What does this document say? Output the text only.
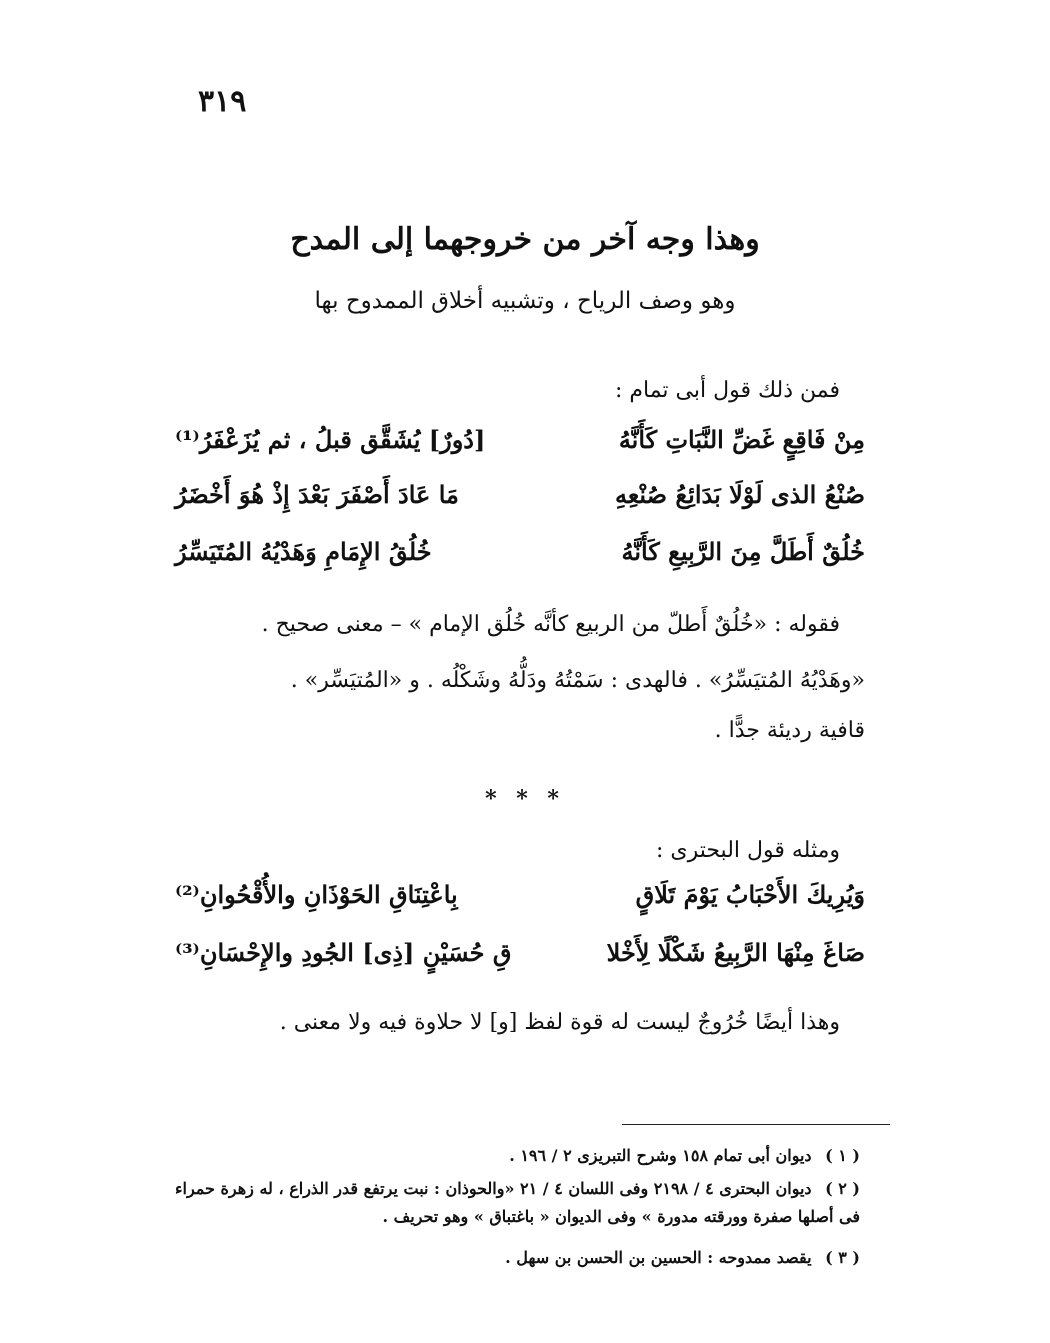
٣١٩
وهذا وجه آخر من خروجهما إلى المدح
وهو وصف الرياح ، وتشبيه أخلاق الممدوح بها
فمن ذلك قول أبى تمام :
مِنْ فَاقِعٍ غَضِّ النَّبَاتِ كَأَنَّهُ
[دُورٌ] يُشَقَّق قبلُ ، ثم يُزَعْفَرُ⁽¹⁾
صُنْعُ الذى لَوْلَا بَدَائِعُ صُنْعِهِ
مَا عَادَ أَصْفَرَ بَعْدَ إِذْ هُوَ أَخْضَرُ
خُلُقٌ أَطَلَّ مِنَ الرَّبِيعِ كَأَنَّهُ
خُلُقُ الإِمَامِ وَهَدْيُهُ المُتَيَسِّرُ
فقوله : «خُلُقٌ أَطلّ من الربيع كأنَّه خُلُق الإمام » – معنى صحيح .
«وهَدْيُهُ المُتيَسِّرُ» . فالهدى : سَمْتُهُ ودَلُّهُ وشَكْلُه . و «المُتيَسِّر» .
قافية رديئة جدًّا .
* * *
ومثله قول البحترى :
وَيُرِيكَ الأَحْبَابُ يَوْمَ تَلَاقٍ
بِاعْتِنَاقِ الحَوْذَانِ والأُقْحُوانِ⁽²⁾
صَاغَ مِنْهَا الرَّبِيعُ شَكْلًا لِأَخْلا
قِ حُسَيْنٍ [ذِى] الجُودِ والإِحْسَانِ⁽³⁾
وهذا أيضًا خُرُوجٌ ليست له قوة لفظ [و] لا حلاوة فيه ولا معنى .
( ١ ) ديوان أبى تمام ١٥٨ وشرح التبريزى ٢ / ١٩٦ .
( ٢ ) ديوان البحترى ٤ / ٢١٩٨ وفى اللسان ٤ / ٢١ «والحوذان : نبت يرتفع قدر الذراع ، له زهرة حمراء فى أصلها صفرة وورقته مدورة » وفى الديوان « باغتباق » وهو تحريف .
( ٣ ) يقصد ممدوحه : الحسين بن الحسن بن سهل .
